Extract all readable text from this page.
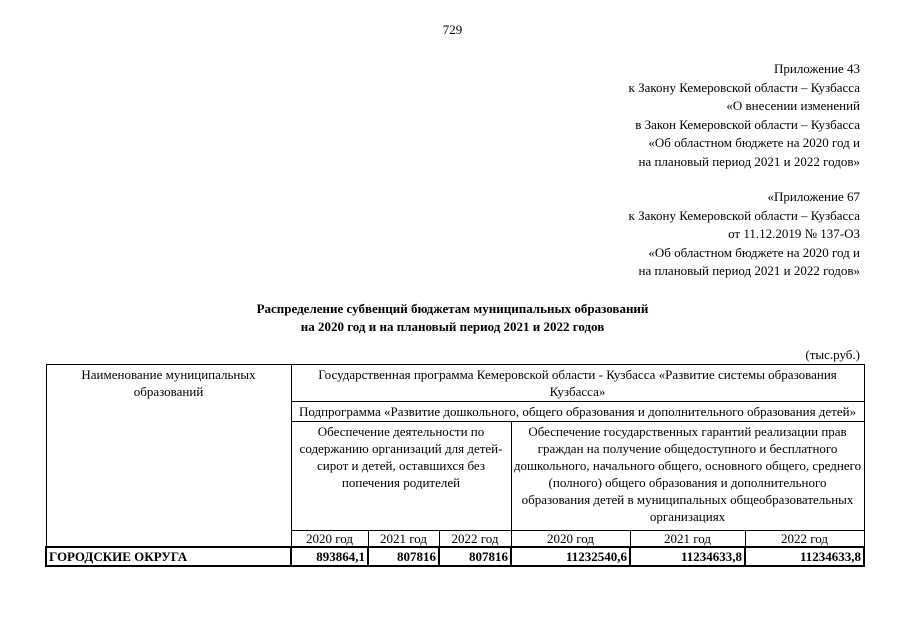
729
Приложение 43
к Закону Кемеровской области – Кузбасса
«О внесении изменений
в Закон Кемеровской области – Кузбасса
«Об областном бюджете на 2020 год и
на плановый период 2021 и 2022 годов»
«Приложение 67
к Закону Кемеровской области – Кузбасса
от 11.12.2019 № 137-ОЗ
«Об областном бюджете на 2020 год и
на плановый период 2021 и 2022 годов»
Распределение субвенций бюджетам муниципальных образований
на 2020 год и на плановый период 2021 и 2022 годов
(тыс.руб.)
Наименование муниципальных образований	Государственная программа Кемеровской области - Кузбасса «Развитие системы образования Кузбасса»					
	Подпрограмма «Развитие дошкольного, общего образования и дополнительного образования детей»					
	Обеспечение деятельности по содержанию организаций для детей-сирот и детей, оставшихся без попечения родителей			Обеспечение государственных гарантий реализации прав граждан на получение общедоступного и бесплатного дошкольного, начального общего, основного общего, среднего (полного) общего образования и дополнительного образования детей в муниципальных общеобразовательных организациях		
	2020 год	2021 год	2022 год	2020 год	2021 год	2022 год
ГОРОДСКИЕ ОКРУГА	893864,1	807816	807816	11232540,6	11234633,8	11234633,8
